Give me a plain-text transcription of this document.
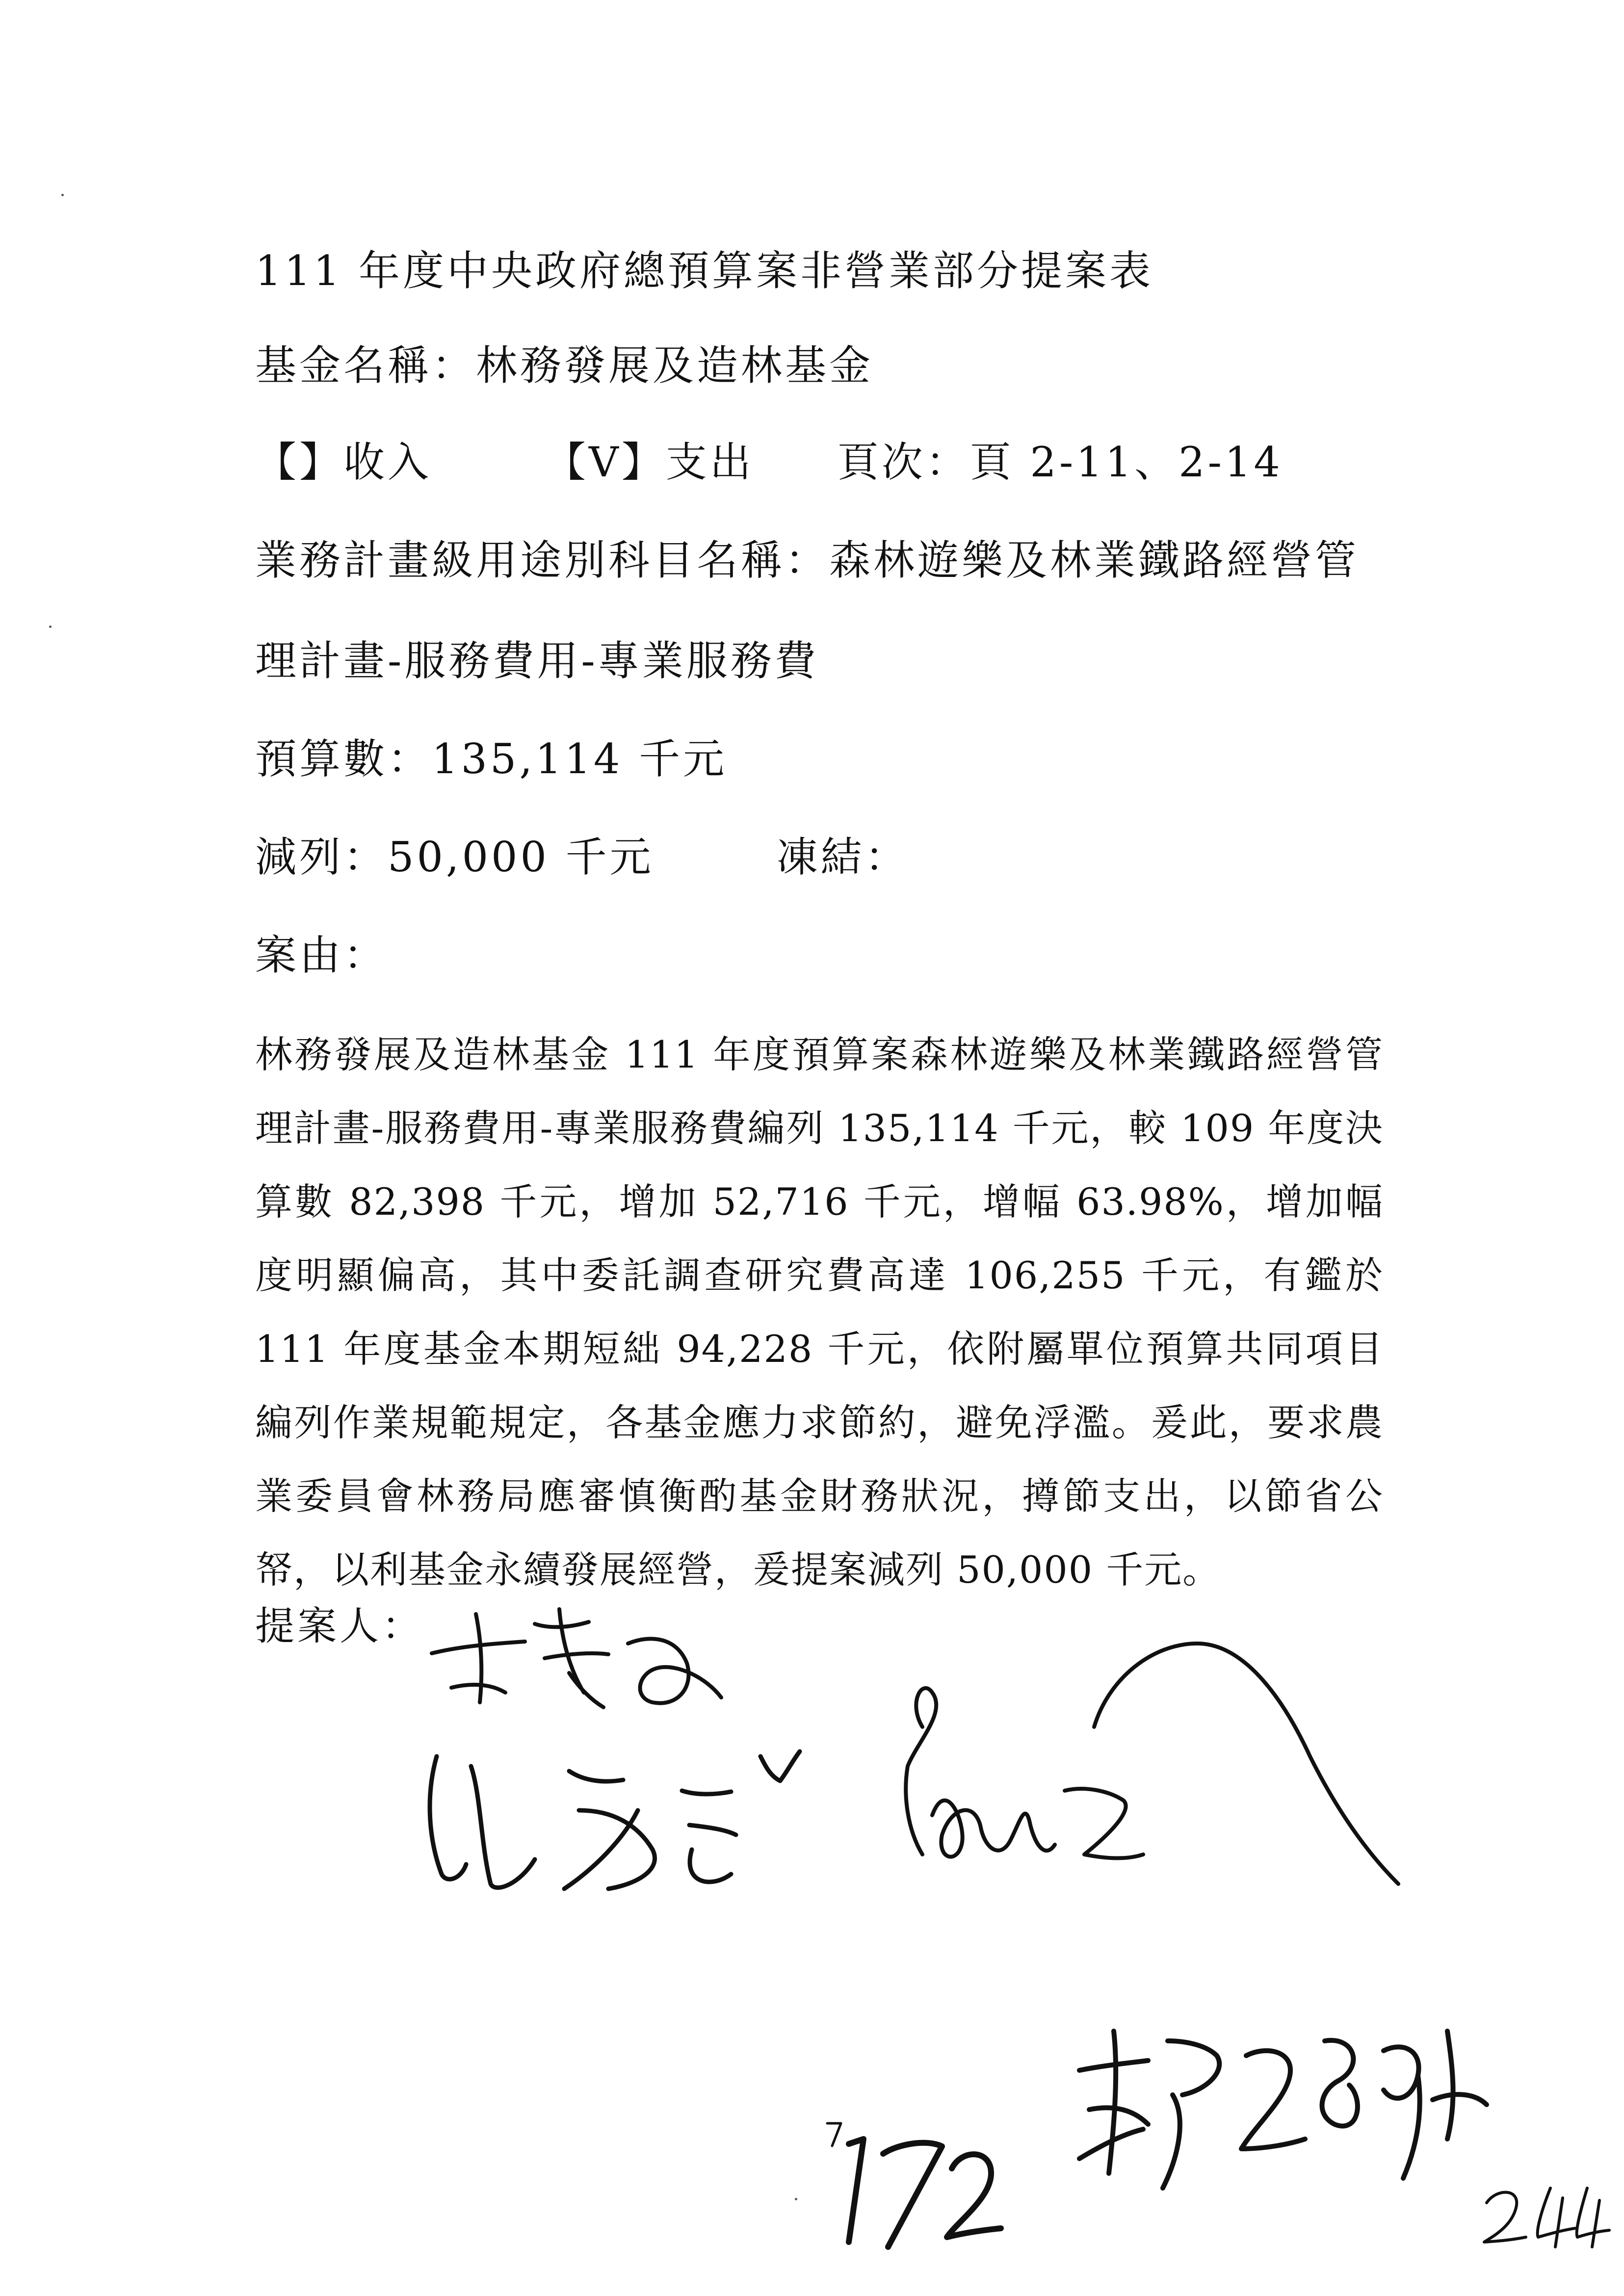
111 年度中央政府總預算案非營業部分提案表

基金名稱：林務發展及造林基金

【】收入	【V】支出 頁次：頁 2-11、2-14

業務計畫級用途別科目名稱：森林遊樂及林業鐵路經營管

理計畫-服務費用-專業服務費

預算數：135,114 千元

減列：50,000 千元	凍結：

案由：

林務發展及造林基金 111 年度預算案森林遊樂及林業鐵路經營管理計畫-服務費用-專業服務費編列 135,114 千元，較 109 年度決算數 82,398 千元，增加 52,716 千元，增幅 63.98%，增加幅度明顯偏高，其中委託調查研究費高達 106,255 千元，有鑑於 111 年度基金本期短絀 94,228 千元，依附屬單位預算共同項目編列作業規範規定，各基金應力求節約，避免浮濫。爰此，要求農業委員會林務局應審慎衡酌基金財務狀況，撙節支出，以節省公帑，以利基金永續發展經營，爰提案減列 50,000 千元。

提案人：
